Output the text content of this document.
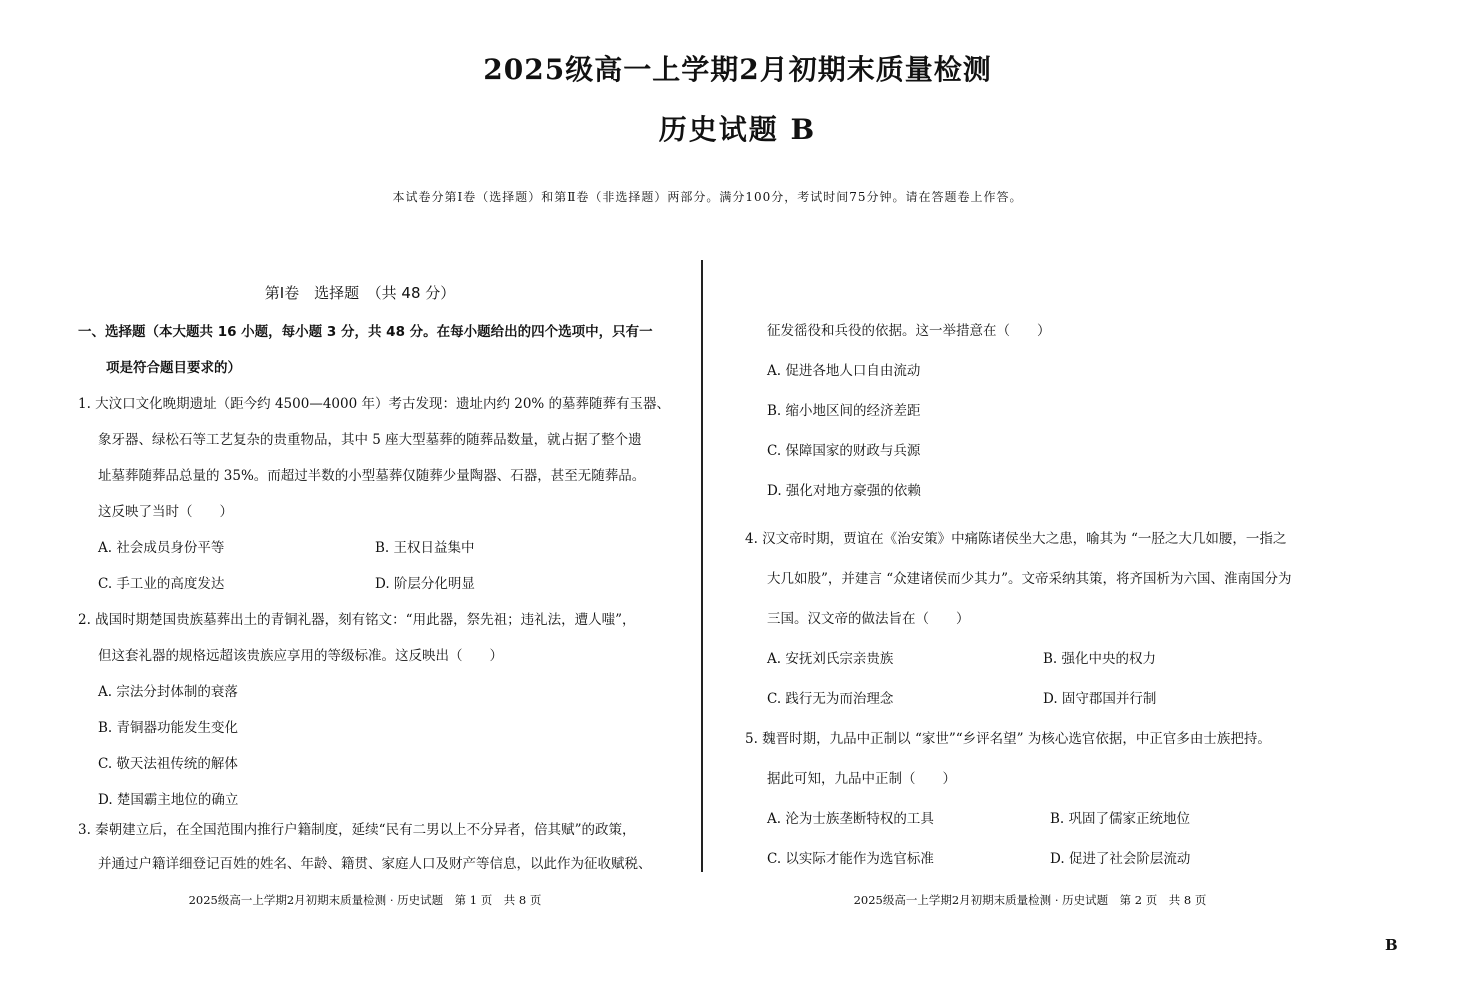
2025级高一上学期2月初期末质量检测
历史试题 B
本试卷分第Ⅰ卷（选择题）和第Ⅱ卷（非选择题）两部分。满分100分，考试时间75分钟。请在答题卷上作答。
第Ⅰ卷　选择题　（共 48 分）
一、选择题（本大题共 16 小题，每小题 3 分，共 48 分。在每小题给出的四个选项中，只有一
项是符合题目要求的）
1. 大汶口文化晚期遗址（距今约 4500—4000 年）考古发现：遗址内约 20% 的墓葬随葬有玉器、
象牙器、绿松石等工艺复杂的贵重物品，其中 5 座大型墓葬的随葬品数量，就占据了整个遗
址墓葬随葬品总量的 35%。而超过半数的小型墓葬仅随葬少量陶器、石器，甚至无随葬品。
这反映了当时（　　）
A. 社会成员身份平等	B. 王权日益集中
C. 手工业的高度发达	D. 阶层分化明显
2. 战国时期楚国贵族墓葬出土的青铜礼器，刻有铭文：“用此器，祭先祖；违礼法，遭人嗤”，
但这套礼器的规格远超该贵族应享用的等级标准。这反映出（　　）
A. 宗法分封体制的衰落
B. 青铜器功能发生变化
C. 敬天法祖传统的解体
D. 楚国霸主地位的确立
3. 秦朝建立后，在全国范围内推行户籍制度，延续“民有二男以上不分异者，倍其赋”的政策，
并通过户籍详细登记百姓的姓名、年龄、籍贯、家庭人口及财产等信息，以此作为征收赋税、
征发徭役和兵役的依据。这一举措意在（　　）
A. 促进各地人口自由流动
B. 缩小地区间的经济差距
C. 保障国家的财政与兵源
D. 强化对地方豪强的依赖
4. 汉文帝时期，贾谊在《治安策》中痛陈诸侯坐大之患，喻其为 “一胫之大几如腰，一指之
大几如股”，并建言 “众建诸侯而少其力”。文帝采纳其策，将齐国析为六国、淮南国分为
三国。汉文帝的做法旨在（　　）
A. 安抚刘氏宗亲贵族	B. 强化中央的权力
C. 践行无为而治理念	D. 固守郡国并行制
5. 魏晋时期，九品中正制以 “家世”“乡评名望” 为核心选官依据，中正官多由士族把持。
据此可知，九品中正制（　　）
A. 沦为士族垄断特权的工具	B. 巩固了儒家正统地位
C. 以实际才能作为选官标准	D. 促进了社会阶层流动
2025级高一上学期2月初期末质量检测 · 历史试题　第 1 页　共 8 页	2025级高一上学期2月初期末质量检测 · 历史试题　第 2 页　共 8 页
B
